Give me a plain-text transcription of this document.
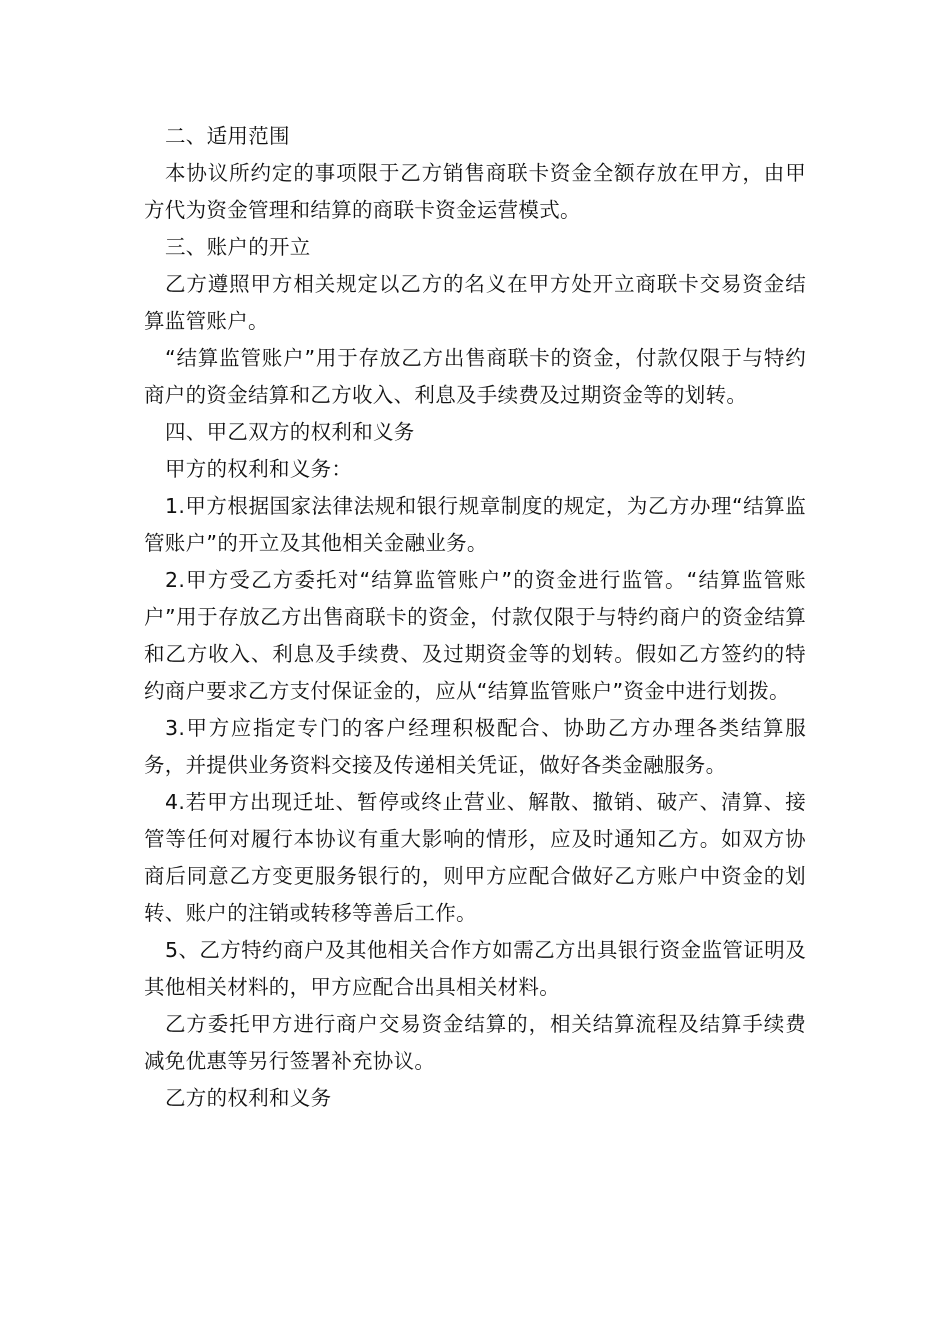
二、适用范围

本协议所约定的事项限于乙方销售商联卡资金全额存放在甲方，由甲方代为资金管理和结算的商联卡资金运营模式。

三、账户的开立

乙方遵照甲方相关规定以乙方的名义在甲方处开立商联卡交易资金结算监管账户。

“结算监管账户”用于存放乙方出售商联卡的资金，付款仅限于与特约商户的资金结算和乙方收入、利息及手续费及过期资金等的划转。

四、甲乙双方的权利和义务

甲方的权利和义务：

1.甲方根据国家法律法规和银行规章制度的规定，为乙方办理“结算监管账户”的开立及其他相关金融业务。

2.甲方受乙方委托对“结算监管账户”的资金进行监管。“结算监管账户”用于存放乙方出售商联卡的资金，付款仅限于与特约商户的资金结算和乙方收入、利息及手续费、及过期资金等的划转。假如乙方签约的特约商户要求乙方支付保证金的，应从“结算监管账户”资金中进行划拨。

3.甲方应指定专门的客户经理积极配合、协助乙方办理各类结算服务，并提供业务资料交接及传递相关凭证，做好各类金融服务。

4.若甲方出现迁址、暂停或终止营业、解散、撤销、破产、清算、接管等任何对履行本协议有重大影响的情形，应及时通知乙方。如双方协商后同意乙方变更服务银行的，则甲方应配合做好乙方账户中资金的划转、账户的注销或转移等善后工作。

5、乙方特约商户及其他相关合作方如需乙方出具银行资金监管证明及其他相关材料的，甲方应配合出具相关材料。

乙方委托甲方进行商户交易资金结算的，相关结算流程及结算手续费减免优惠等另行签署补充协议。

乙方的权利和义务
